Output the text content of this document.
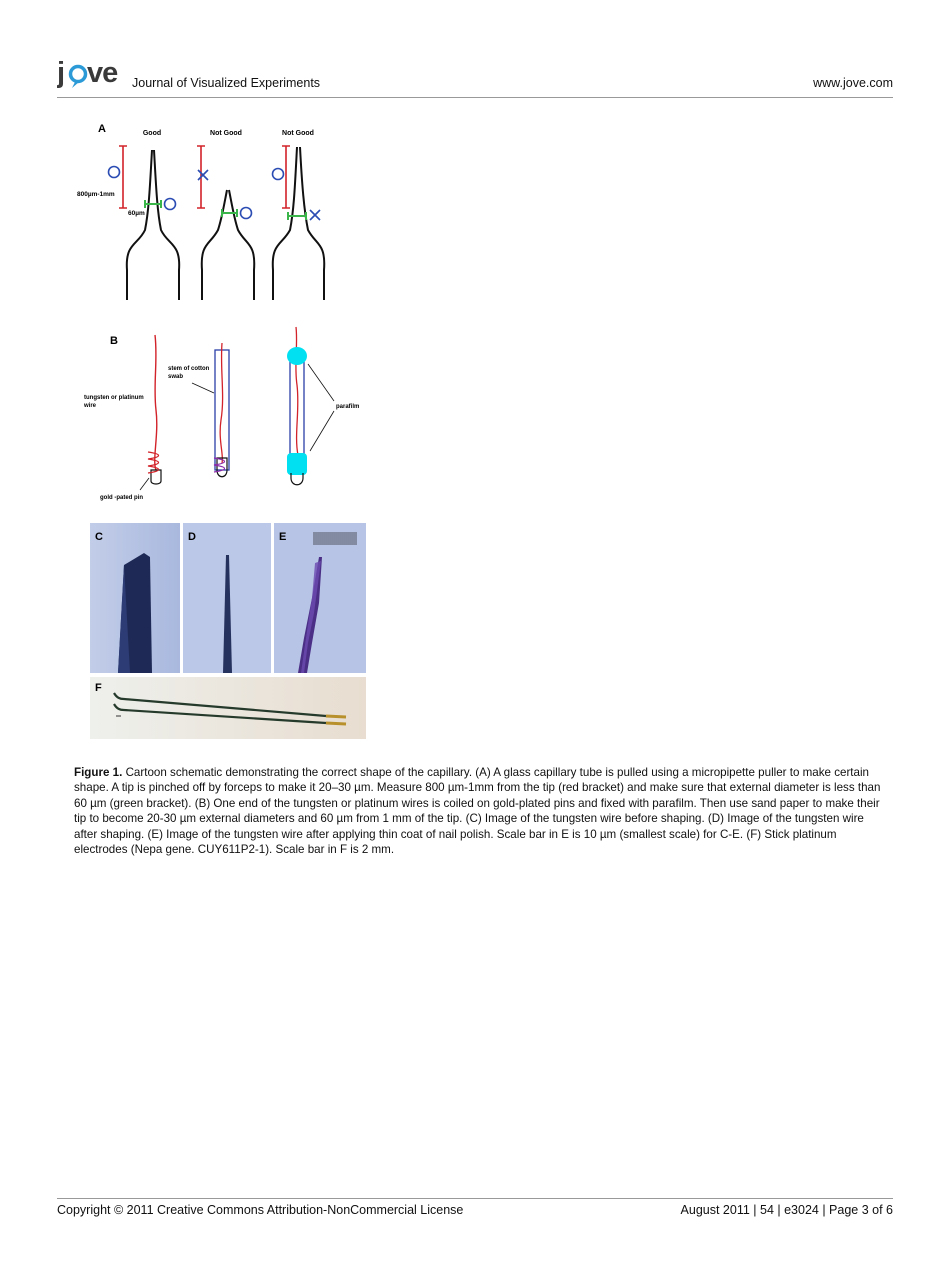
j ve Journal of Visualized Experiments	www.jove.com
A	Good	Not Good	Not Good
800µm-1mm
60µm
B
tungsten or platinum wire
gold -pated pin
stem of cotton swab
parafilm
C	D	E
F
Figure 1. Cartoon schematic demonstrating the correct shape of the capillary. (A) A glass capillary tube is pulled using a micropipette puller to make certain shape. A tip is pinched off by forceps to make it 20–30 µm. Measure 800 µm-1mm from the tip (red bracket) and make sure that external diameter is less than 60 µm (green bracket). (B) One end of the tungsten or platinum wires is coiled on gold-plated pins and fixed with parafilm. Then use sand paper to make their tip to become 20-30 µm external diameters and 60 µm from 1 mm of the tip. (C) Image of the tungsten wire before shaping. (D) Image of the tungsten wire after shaping. (E) Image of the tungsten wire after applying thin coat of nail polish. Scale bar in E is 10 µm (smallest scale) for C-E. (F) Stick platinum electrodes (Nepa gene. CUY611P2-1). Scale bar in F is 2 mm.
Copyright © 2011 Creative Commons Attribution-NonCommercial License	August 2011 | 54 | e3024 | Page 3 of 6
